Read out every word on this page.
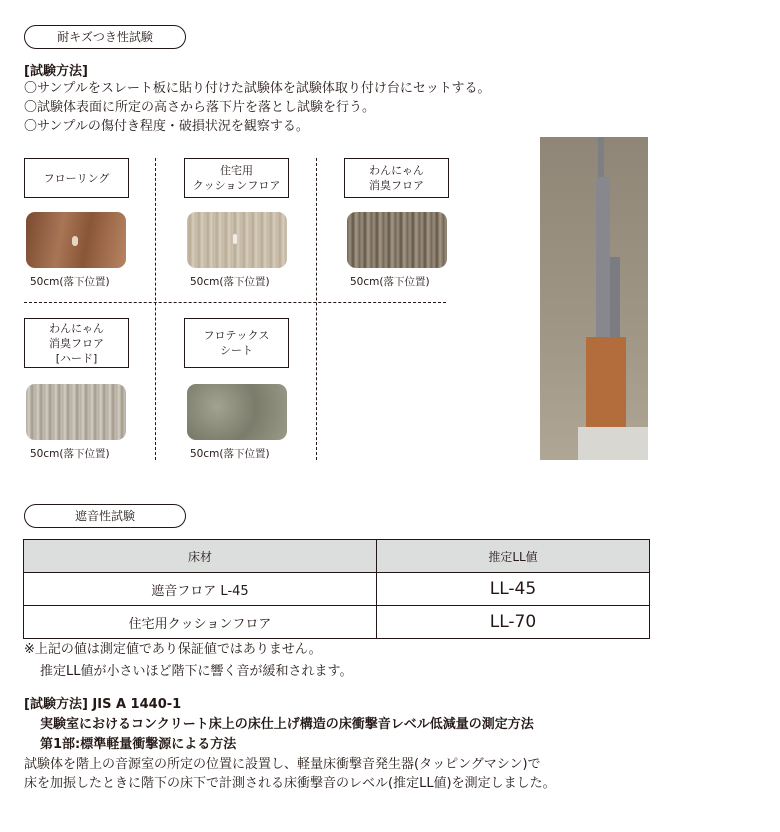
耐キズつき性試験
[試験方法]
〇サンプルをスレート板に貼り付けた試験体を試験体取り付け台にセットする。
〇試験体表面に所定の高さから落下片を落とし試験を行う。
〇サンプルの傷付き程度・破損状況を観察する。
フローリング
50cm(落下位置)
住宅用
クッションフロア
50cm(落下位置)
わんにゃん
消臭フロア
50cm(落下位置)
わんにゃん
消臭フロア
[ハード]
50cm(落下位置)
フロテックス
シート
50cm(落下位置)
遮音性試験
床材	推定LL値
遮音フロア L-45	LL-45
住宅用クッションフロア	LL-70
※上記の値は測定値であり保証値ではありません。
推定LL値が小さいほど階下に響く音が緩和されます。
[試験方法] JIS A 1440-1
実験室におけるコンクリート床上の床仕上げ構造の床衝撃音レベル低減量の測定方法
第1部:標準軽量衝撃源による方法
試験体を階上の音源室の所定の位置に設置し、軽量床衝撃音発生器(タッピングマシン)で
床を加振したときに階下の床下で計測される床衝撃音のレベル(推定LL値)を測定しました。
